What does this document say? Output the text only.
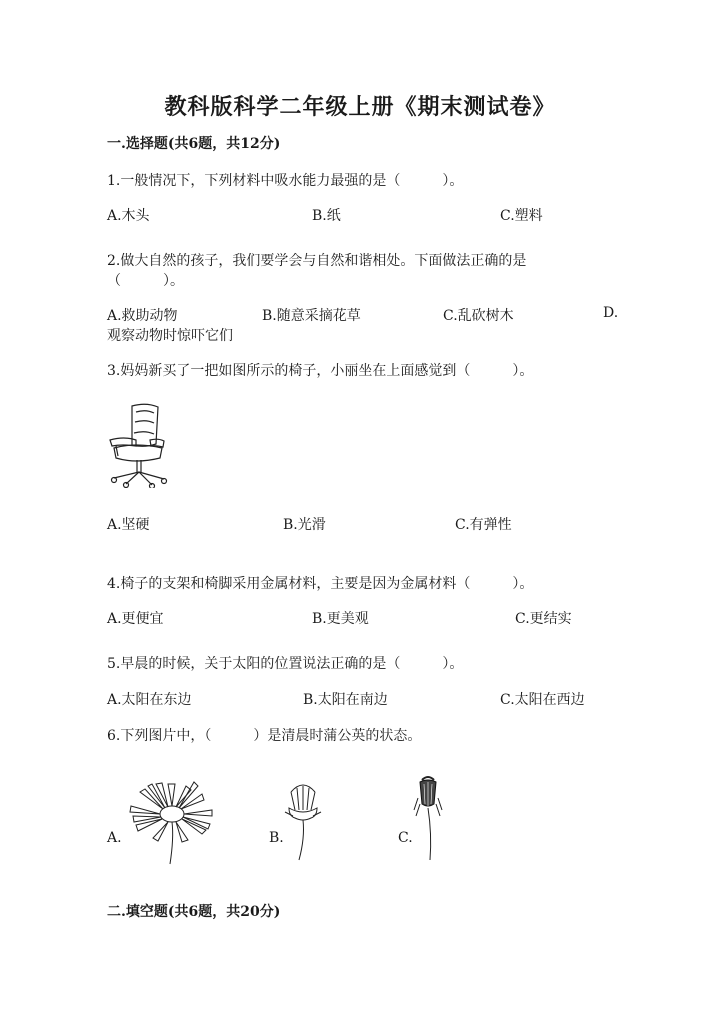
教科版科学二年级上册《期末测试卷》
一.选择题(共6题，共12分)
1.一般情况下，下列材料中吸水能力最强的是（　　　）。
A.木头	B.纸	C.塑料
2.做大自然的孩子，我们要学会与自然和谐相处。下面做法正确的是
（　　　）。
A.救助动物	B.随意采摘花草	C.乱砍树木	D.
观察动物时惊吓它们
3.妈妈新买了一把如图所示的椅子，小丽坐在上面感觉到（　　　）。
A.坚硬	B.光滑	C.有弹性
4.椅子的支架和椅脚采用金属材料，主要是因为金属材料（　　　）。
A.更便宜	B.更美观	C.更结实
5.早晨的时候，关于太阳的位置说法正确的是（　　　）。
A.太阳在东边	B.太阳在南边	C.太阳在西边
6.下列图片中，（　　　）是清晨时蒲公英的状态。
A.	B.	C.
二.填空题(共6题，共20分)
